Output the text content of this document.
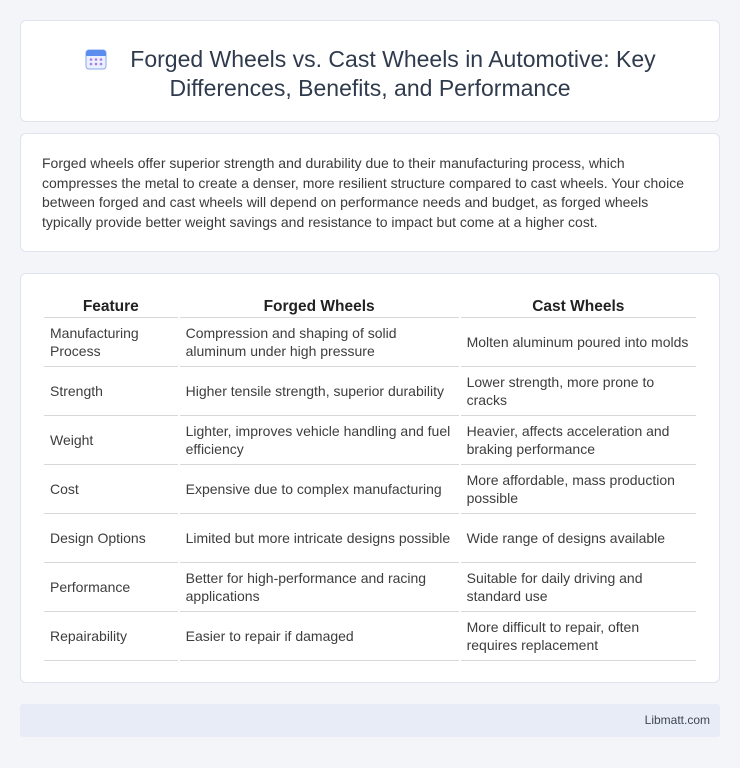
Forged Wheels vs. Cast Wheels in Automotive: Key Differences, Benefits, and Performance

Forged wheels offer superior strength and durability due to their manufacturing process, which compresses the metal to create a denser, more resilient structure compared to cast wheels. Your choice between forged and cast wheels will depend on performance needs and budget, as forged wheels typically provide better weight savings and resistance to impact but come at a higher cost.

Feature	Forged Wheels	Cast Wheels
Manufacturing Process	Compression and shaping of solid aluminum under high pressure	Molten aluminum poured into molds
Strength	Higher tensile strength, superior durability	Lower strength, more prone to cracks
Weight	Lighter, improves vehicle handling and fuel efficiency	Heavier, affects acceleration and braking performance
Cost	Expensive due to complex manufacturing	More affordable, mass production possible
Design Options	Limited but more intricate designs possible	Wide range of designs available
Performance	Better for high-performance and racing applications	Suitable for daily driving and standard use
Repairability	Easier to repair if damaged	More difficult to repair, often requires replacement
Libmatt.com
